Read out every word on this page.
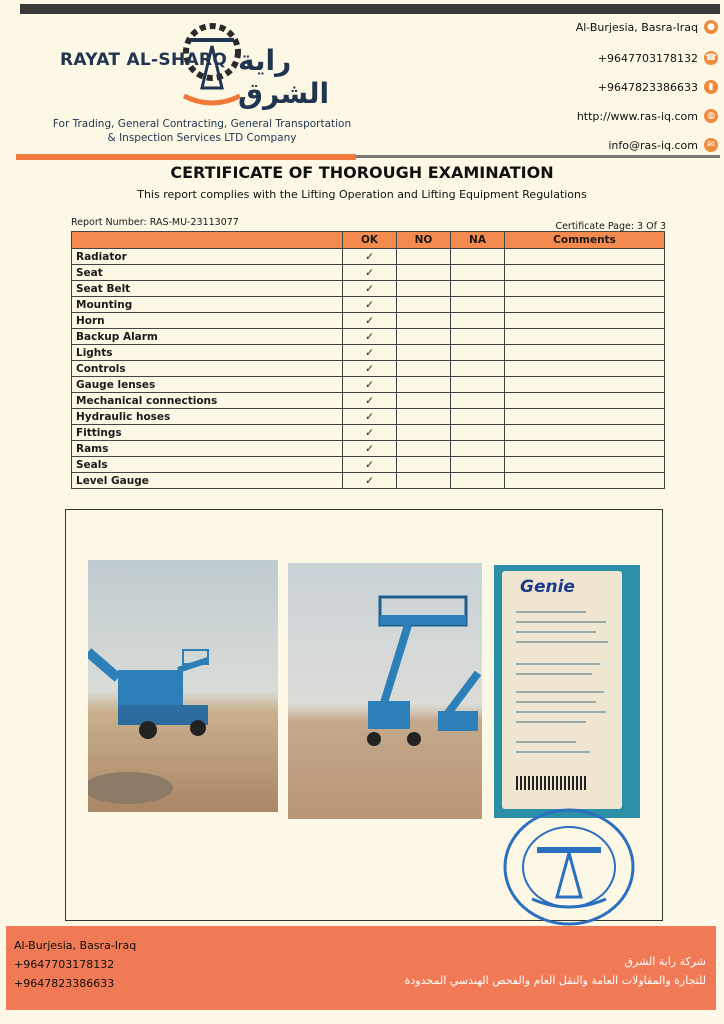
RAYAT AL-SHARQ راية الشرق
For Trading, General Contracting, General Transportation
& Inspection Services LTD Company
Al-Burjesia, Basra-Iraq	●
+9647703178132 ☎
+9647823386633	▮
http://www.ras-iq.com	◍
info@ras-iq.com	✉
CERTIFICATE OF THOROUGH EXAMINATION
This report complies with the Lifting Operation and Lifting Equipment Regulations
Report Number: RAS-MU-23113077	Certificate Page: 3 Of 3
	OK	NO	NA	Comments
Radiator	✓			
Seat	✓			
Seat Belt	✓			
Mounting	✓			
Horn	✓			
Backup Alarm	✓			
Lights	✓			
Controls	✓			
Gauge lenses	✓			
Mechanical connections	✓			
Hydraulic hoses	✓			
Fittings	✓			
Rams	✓			
Seals	✓			
Level Gauge	✓			
Genie
Al-Burjesia, Basra-Iraq
+9647703178132
+9647823386633
شركة راية الشرق
للتجارة والمقاولات العامة والنقل العام والفحص الهندسي المحدودة
